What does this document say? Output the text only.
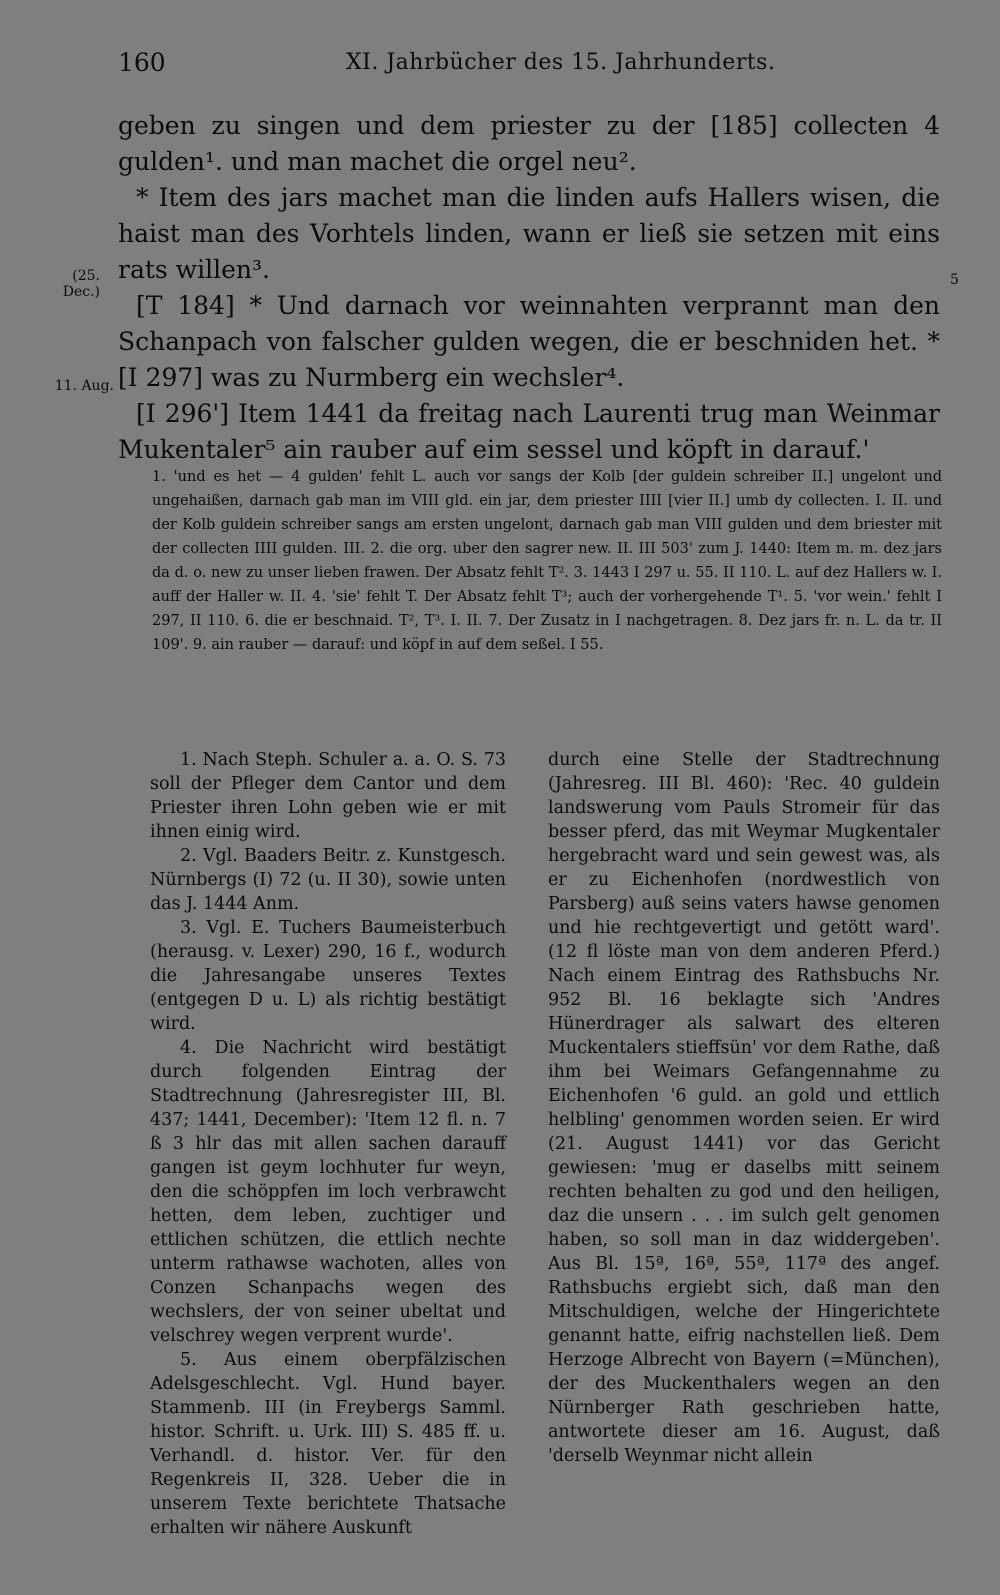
160	XI. Jahrbücher des 15. Jahrhunderts.
(25.
Dec.)
11. Aug.
5

geben zu singen und dem priester zu der [185] collecten 4 gulden¹. und man machet die orgel neu².

* Item des jars machet man die linden aufs Hallers wisen, die haist man des Vorhtels linden, wann er ließ sie setzen mit eins rats willen³.

[T 184] * Und darnach vor weinnahten verprannt man den Schanpach von falscher gulden wegen, die er beschniden het. * [I 297] was zu Nurmberg ein wechsler⁴.

[I 296'] Item 1441 da freitag nach Laurenti trug man Weinmar Mukentaler⁵ ain rauber auf eim sessel und köpft in darauf.'

1. 'und es het — 4 gulden' fehlt L. auch vor sangs der Kolb [der guldein schreiber II.] ungelont und ungehaißen, darnach gab man im VIII gld. ein jar, dem priester IIII [vier II.] umb dy collecten. I. II. und der Kolb guldein schreiber sangs am ersten ungelont, darnach gab man VIII gulden und dem briester mit der collecten IIII gulden. III. 2. die org. uber den sagrer new. II. III 503' zum J. 1440: Item m. m. dez jars da d. o. new zu unser lieben frawen. Der Absatz fehlt T². 3. 1443 I 297 u. 55. II 110. L. auf dez Hallers w. I. auff der Haller w. II. 4. 'sie' fehlt T. Der Absatz fehlt T³; auch der vorhergehende T¹. 5. 'vor wein.' fehlt I 297, II 110. 6. die er beschnaid. T², T³. I. II. 7. Der Zusatz in I nachgetragen. 8. Dez jars fr. n. L. da tr. II 109'. 9. ain rauber — darauf: und köpf in auf dem seßel. I 55.

1. Nach Steph. Schuler a. a. O. S. 73 soll der Pfleger dem Cantor und dem Priester ihren Lohn geben wie er mit ihnen einig wird.

2. Vgl. Baaders Beitr. z. Kunstgesch. Nürnbergs (I) 72 (u. II 30), sowie unten das J. 1444 Anm.

3. Vgl. E. Tuchers Baumeisterbuch (herausg. v. Lexer) 290, 16 f., wodurch die Jahresangabe unseres Textes (entgegen D u. L) als richtig bestätigt wird.

4. Die Nachricht wird bestätigt durch folgenden Eintrag der Stadtrechnung (Jahresregister III, Bl. 437; 1441, December): 'Item 12 fl. n. 7 ß 3 hlr das mit allen sachen darauff gangen ist geym lochhuter fur weyn, den die schöppfen im loch verbrawcht hetten, dem leben, zuchtiger und ettlichen schützen, die ettlich nechte unterm rathawse wachoten, alles von Conzen Schanpachs wegen des wechslers, der von seiner ubeltat und velschrey wegen verprent wurde'.

5. Aus einem oberpfälzischen Adelsgeschlecht. Vgl. Hund bayer. Stammenb. III (in Freybergs Samml. histor. Schrift. u. Urk. III) S. 485 ff. u. Verhandl. d. histor. Ver. für den Regenkreis II, 328. Ueber die in unserem Texte berichtete Thatsache erhalten wir nähere Auskunft

durch eine Stelle der Stadtrechnung (Jahresreg. III Bl. 460): 'Rec. 40 guldein landswerung vom Pauls Stromeir für das besser pferd, das mit Weymar Mugkentaler hergebracht ward und sein gewest was, als er zu Eichenhofen (nordwestlich von Parsberg) auß seins vaters hawse genomen und hie rechtgevertigt und getött ward'. (12 fl löste man von dem anderen Pferd.) Nach einem Eintrag des Rathsbuchs Nr. 952 Bl. 16 beklagte sich 'Andres Hünerdrager als salwart des elteren Muckentalers stieffsün' vor dem Rathe, daß ihm bei Weimars Gefangennahme zu Eichenhofen '6 guld. an gold und ettlich helbling' genommen worden seien. Er wird (21. August 1441) vor das Gericht gewiesen: 'mug er daselbs mitt seinem rechten behalten zu god und den heiligen, daz die unsern . . . im sulch gelt genomen haben, so soll man in daz widdergeben'. Aus Bl. 15ª, 16ª, 55ª, 117ª des angef. Rathsbuchs ergiebt sich, daß man den Mitschuldigen, welche der Hingerichtete genannt hatte, eifrig nachstellen ließ. Dem Herzoge Albrecht von Bayern (=München), der des Muckenthalers wegen an den Nürnberger Rath geschrieben hatte, antwortete dieser am 16. August, daß 'derselb Weynmar nicht allein
